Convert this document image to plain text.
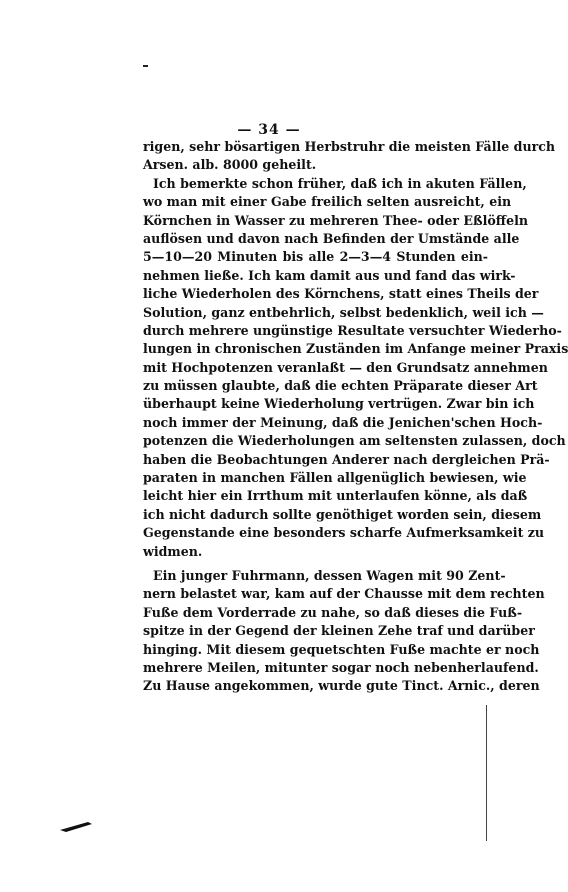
— 34 —
rigen, sehr bösartigen Herbstruhr die meisten Fälle durch
Arsen. alb. 8000 geheilt.
Ich bemerkte schon früher, daß ich in akuten Fällen,
wo man mit einer Gabe freilich selten ausreicht, ein
Körnchen in Wasser zu mehreren Thee- oder Eßlöffeln
auflösen und davon nach Befinden der Umstände alle
5—10—20 Minuten bis alle 2—3—4 Stunden ein-
nehmen ließe. Ich kam damit aus und fand das wirk-
liche Wiederholen des Körnchens, statt eines Theils der
Solution, ganz entbehrlich, selbst bedenklich, weil ich —
durch mehrere ungünstige Resultate versuchter Wiederho-
lungen in chronischen Zuständen im Anfange meiner Praxis
mit Hochpotenzen veranlaßt — den Grundsatz annehmen
zu müssen glaubte, daß die echten Präparate dieser Art
überhaupt keine Wiederholung vertrügen. Zwar bin ich
noch immer der Meinung, daß die Jenichen'schen Hoch-
potenzen die Wiederholungen am seltensten zulassen, doch
haben die Beobachtungen Anderer nach dergleichen Prä-
paraten in manchen Fällen allgenüglich bewiesen, wie
leicht hier ein Irrthum mit unterlaufen könne, als daß
ich nicht dadurch sollte genöthiget worden sein, diesem
Gegenstande eine besonders scharfe Aufmerksamkeit zu
widmen.
Ein junger Fuhrmann, dessen Wagen mit 90 Zent-
nern belastet war, kam auf der Chausse mit dem rechten
Fuße dem Vorderrade zu nahe, so daß dieses die Fuß-
spitze in der Gegend der kleinen Zehe traf und darüber
hinging. Mit diesem gequetschten Fuße machte er noch
mehrere Meilen, mitunter sogar noch nebenherlaufend.
Zu Hause angekommen, wurde gute Tinct. Arnic., deren
